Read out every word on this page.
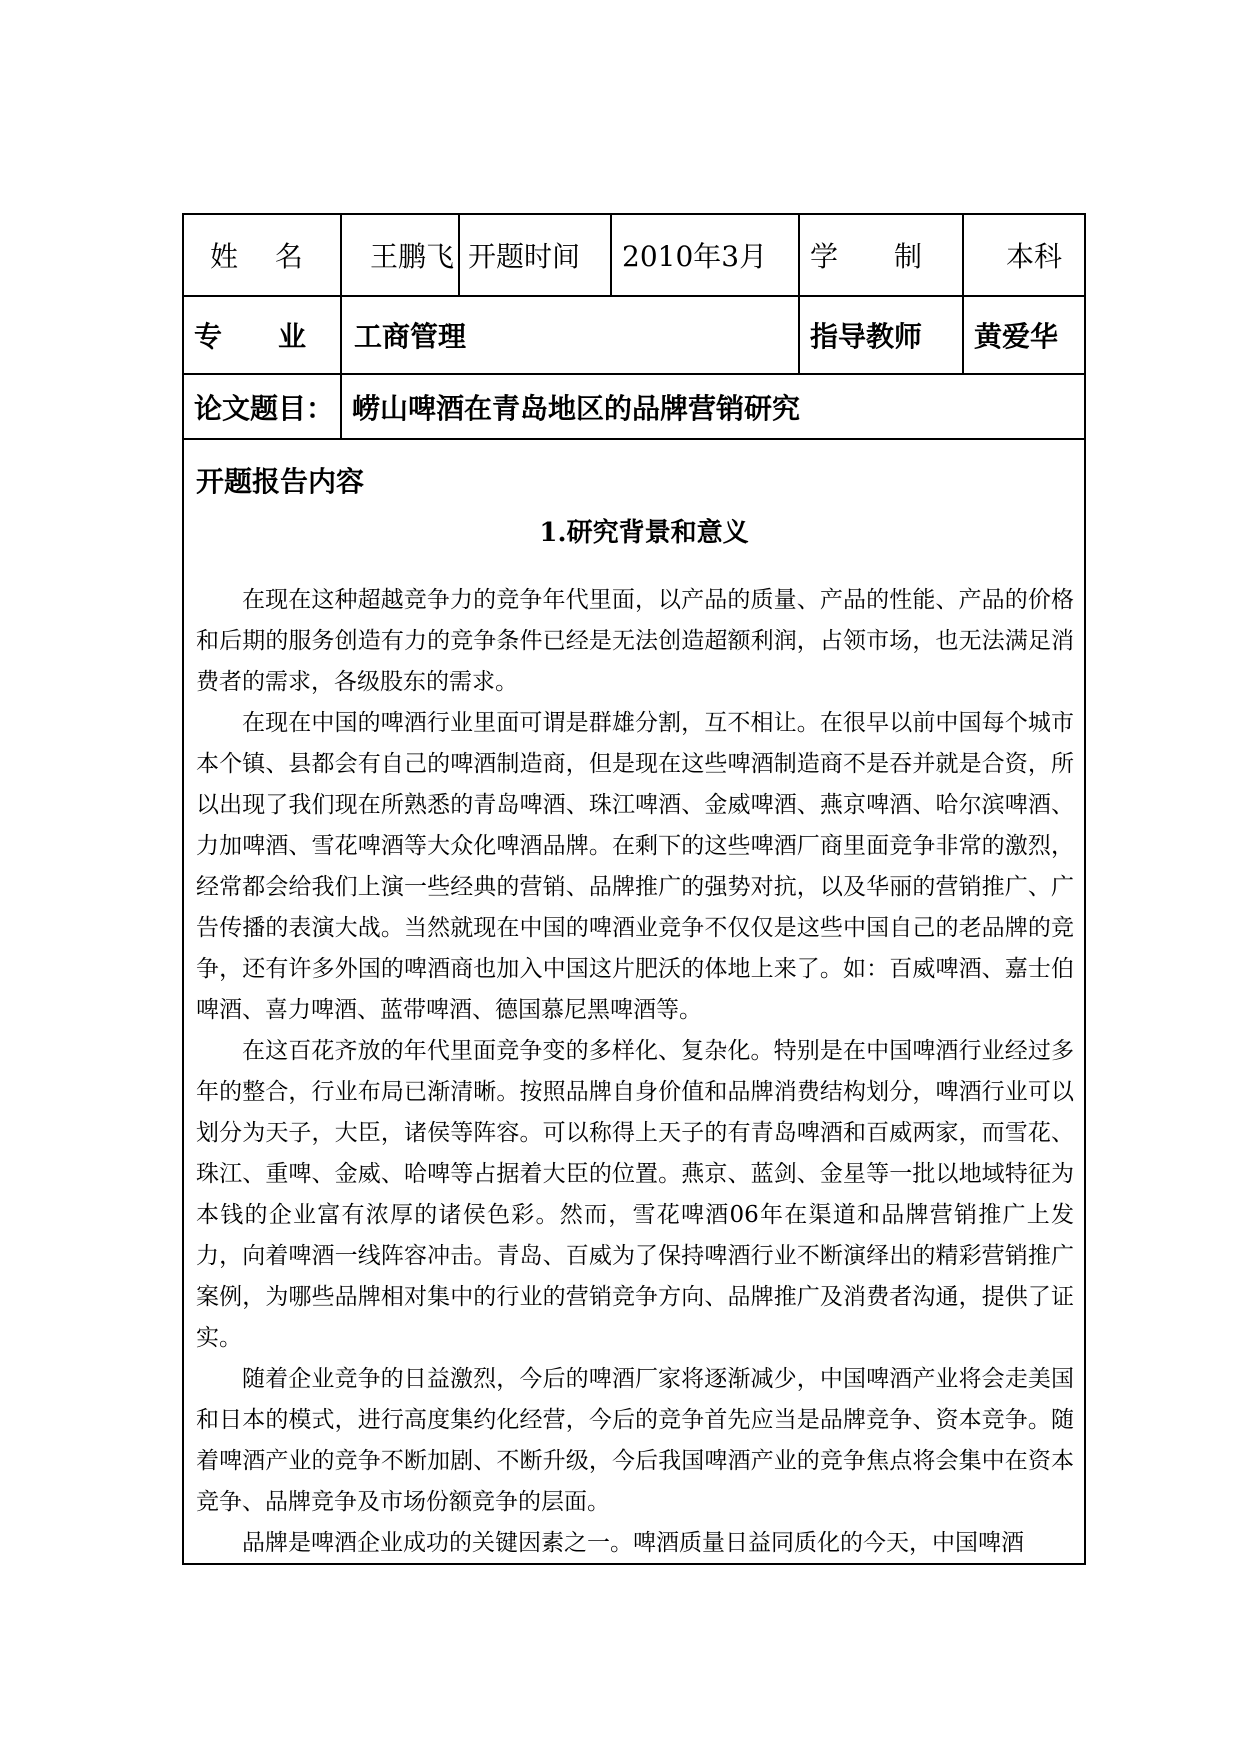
姓　 名 王鹏飞 开题时间 2010年3月 学　　制	本科
专　　业 工商管理	指导教师 黄爱华
论文题目： 崂山啤酒在青岛地区的品牌营销研究
开题报告内容
1.研究背景和意义

在现在这种超越竞争力的竞争年代里面，以产品的质量、产品的性能、产品的价格和后期的服务创造有力的竞争条件已经是无法创造超额利润，占领市场，也无法满足消费者的需求，各级股东的需求。

在现在中国的啤酒行业里面可谓是群雄分割，互不相让。在很早以前中国每个城市本个镇、县都会有自己的啤酒制造商，但是现在这些啤酒制造商不是吞并就是合资，所以出现了我们现在所熟悉的青岛啤酒、珠江啤酒、金威啤酒、燕京啤酒、哈尔滨啤酒、力加啤酒、雪花啤酒等大众化啤酒品牌。在剩下的这些啤酒厂商里面竞争非常的激烈，经常都会给我们上演一些经典的营销、品牌推广的强势对抗，以及华丽的营销推广、广告传播的表演大战。当然就现在中国的啤酒业竞争不仅仅是这些中国自己的老品牌的竞争，还有许多外国的啤酒商也加入中国这片肥沃的体地上来了。如：百威啤酒、嘉士伯啤酒、喜力啤酒、蓝带啤酒、德国慕尼黑啤酒等。

在这百花齐放的年代里面竞争变的多样化、复杂化。特别是在中国啤酒行业经过多年的整合，行业布局已渐清晰。按照品牌自身价值和品牌消费结构划分，啤酒行业可以划分为天子，大臣，诸侯等阵容。可以称得上天子的有青岛啤酒和百威两家，而雪花、珠江、重啤、金威、哈啤等占据着大臣的位置。燕京、蓝剑、金星等一批以地域特征为本钱的企业富有浓厚的诸侯色彩。然而，雪花啤酒06年在渠道和品牌营销推广上发力，向着啤酒一线阵容冲击。青岛、百威为了保持啤酒行业不断演绎出的精彩营销推广案例，为哪些品牌相对集中的行业的营销竞争方向、品牌推广及消费者沟通，提供了证实。

随着企业竞争的日益激烈，今后的啤酒厂家将逐渐减少，中国啤酒产业将会走美国和日本的模式，进行高度集约化经营，今后的竞争首先应当是品牌竞争、资本竞争。随着啤酒产业的竞争不断加剧、不断升级，今后我国啤酒产业的竞争焦点将会集中在资本竞争、品牌竞争及市场份额竞争的层面。

品牌是啤酒企业成功的关键因素之一。啤酒质量日益同质化的今天，中国啤酒
